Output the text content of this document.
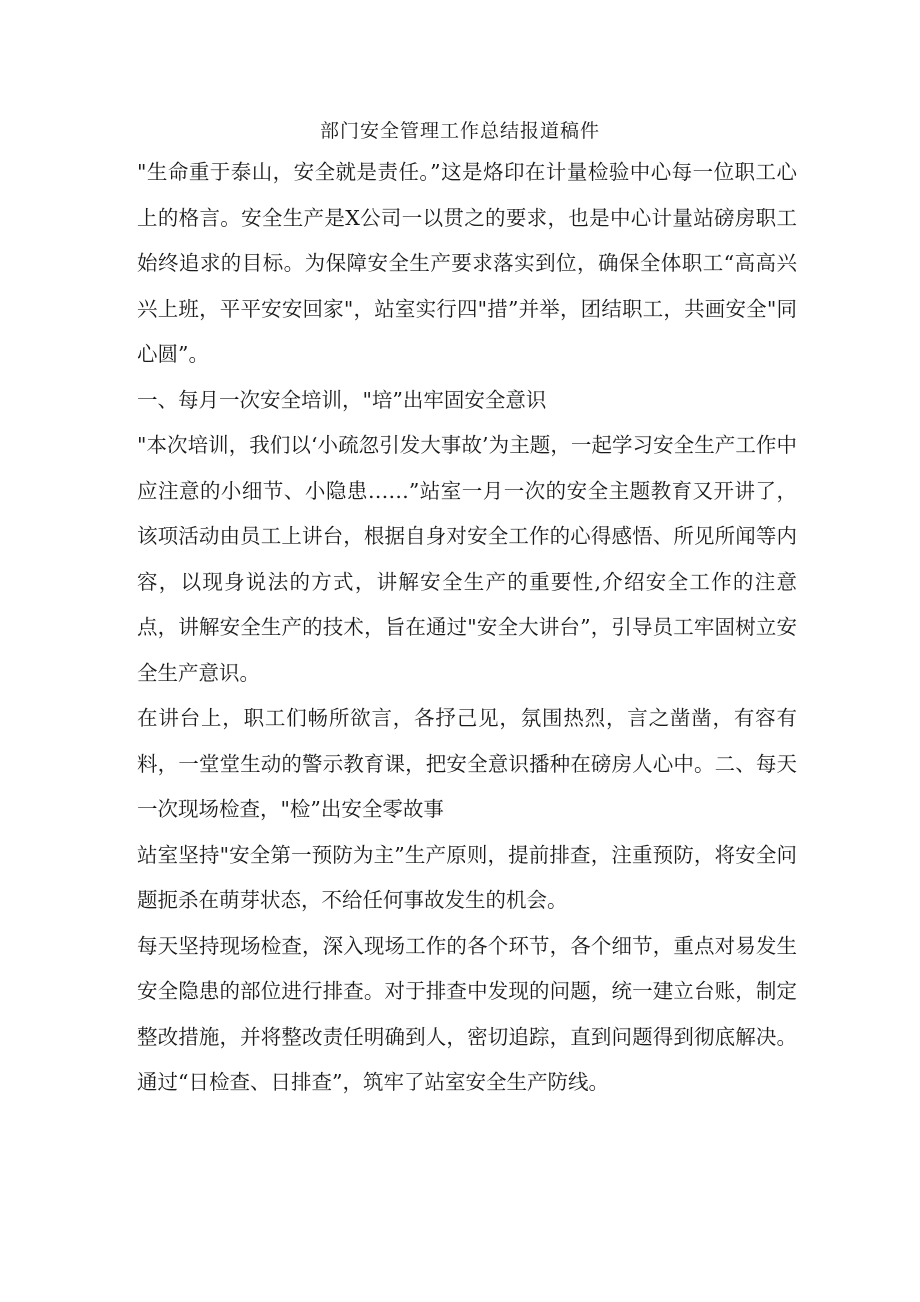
部门安全管理工作总结报道稿件

"生命重于泰山，安全就是责任。”这是烙印在计量检验中心每一位职工心上的格言。安全生产是X公司一以贯之的要求，也是中心计量站磅房职工始终追求的目标。为保障安全生产要求落实到位，确保全体职工“高高兴兴上班，平平安安回家"，站室实行四"措”并举，团结职工，共画安全"同心圆”。

一、每月一次安全培训，"培”出牢固安全意识

"本次培训，我们以‘小疏忽引发大事故’为主题，一起学习安全生产工作中应注意的小细节、小隐患……”站室一月一次的安全主题教育又开讲了，该项活动由员工上讲台，根据自身对安全工作的心得感悟、所见所闻等内容，以现身说法的方式，讲解安全生产的重要性,介绍安全工作的注意点，讲解安全生产的技术，旨在通过"安全大讲台”，引导员工牢固树立安全生产意识。

在讲台上，职工们畅所欲言，各抒己见，氛围热烈，言之凿凿，有容有料，一堂堂生动的警示教育课，把安全意识播种在磅房人心中。二、每天一次现场检查，"检”出安全零故事

站室坚持"安全第一预防为主”生产原则，提前排查，注重预防，将安全问题扼杀在萌芽状态，不给任何事故发生的机会。

每天坚持现场检查，深入现场工作的各个环节，各个细节，重点对易发生安全隐患的部位进行排查。对于排查中发现的问题，统一建立台账，制定整改措施，并将整改责任明确到人，密切追踪，直到问题得到彻底解决。通过“日检查、日排查”，筑牢了站室安全生产防线。
